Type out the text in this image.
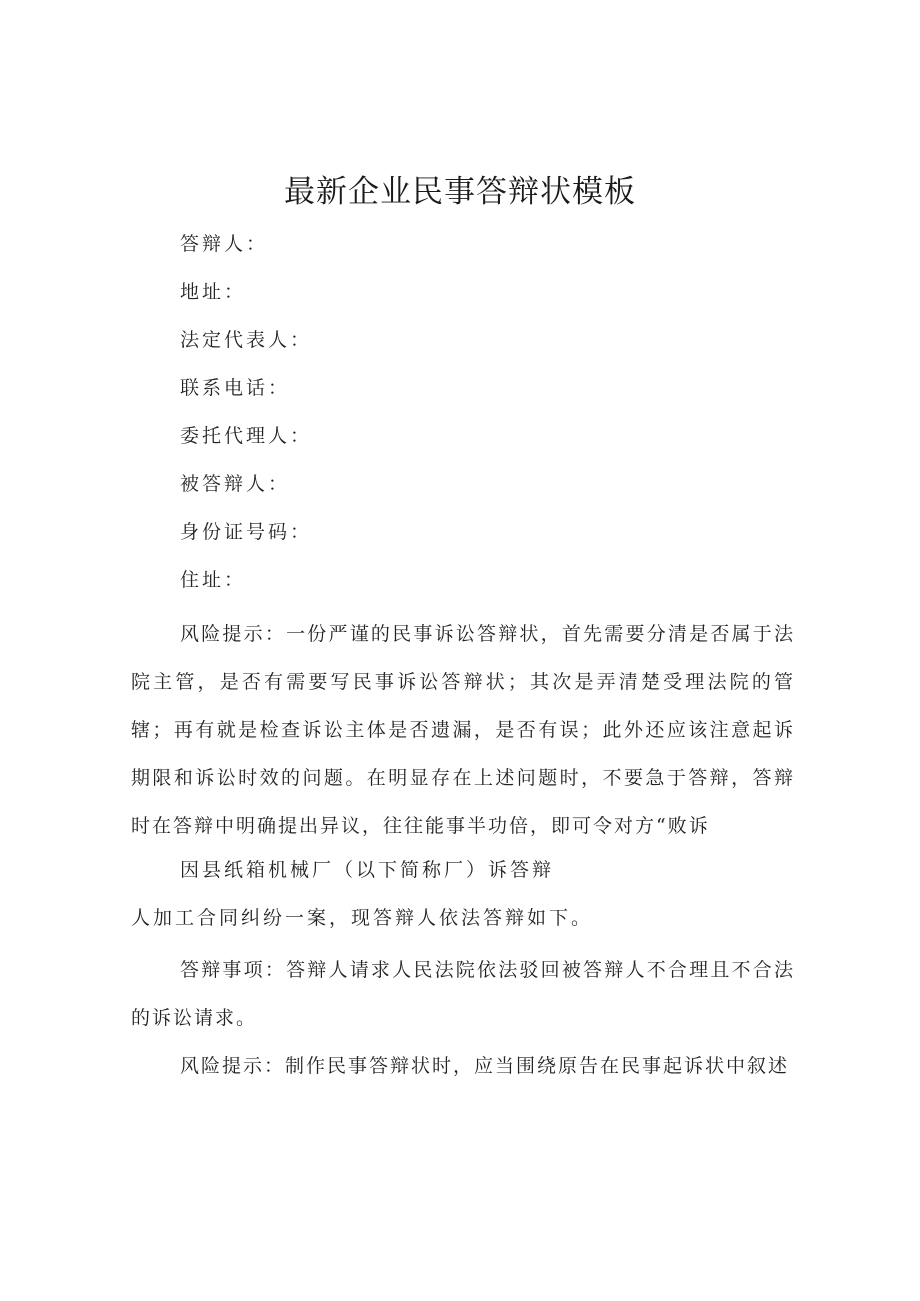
最新企业民事答辩状模板
答辩人：
地址：
法定代表人：
联系电话：
委托代理人：
被答辩人：
身份证号码：
住址：
风险提示：一份严谨的民事诉讼答辩状，首先需要分清是否属于法院主管，是否有需要写民事诉讼答辩状；其次是弄清楚受理法院的管辖；再有就是检查诉讼主体是否遗漏，是否有误；此外还应该注意起诉期限和诉讼时效的问题。在明显存在上述问题时，不要急于答辩，答辩时在答辩中明确提出异议，往往能事半功倍，即可令对方“败诉
因县纸箱机械厂（以下简称厂）诉答辩
人加工合同纠纷一案，现答辩人依法答辩如下。
答辩事项：答辩人请求人民法院依法驳回被答辩人不合理且不合法的诉讼请求。
风险提示：制作民事答辩状时，应当围绕原告在民事起诉状中叙述
